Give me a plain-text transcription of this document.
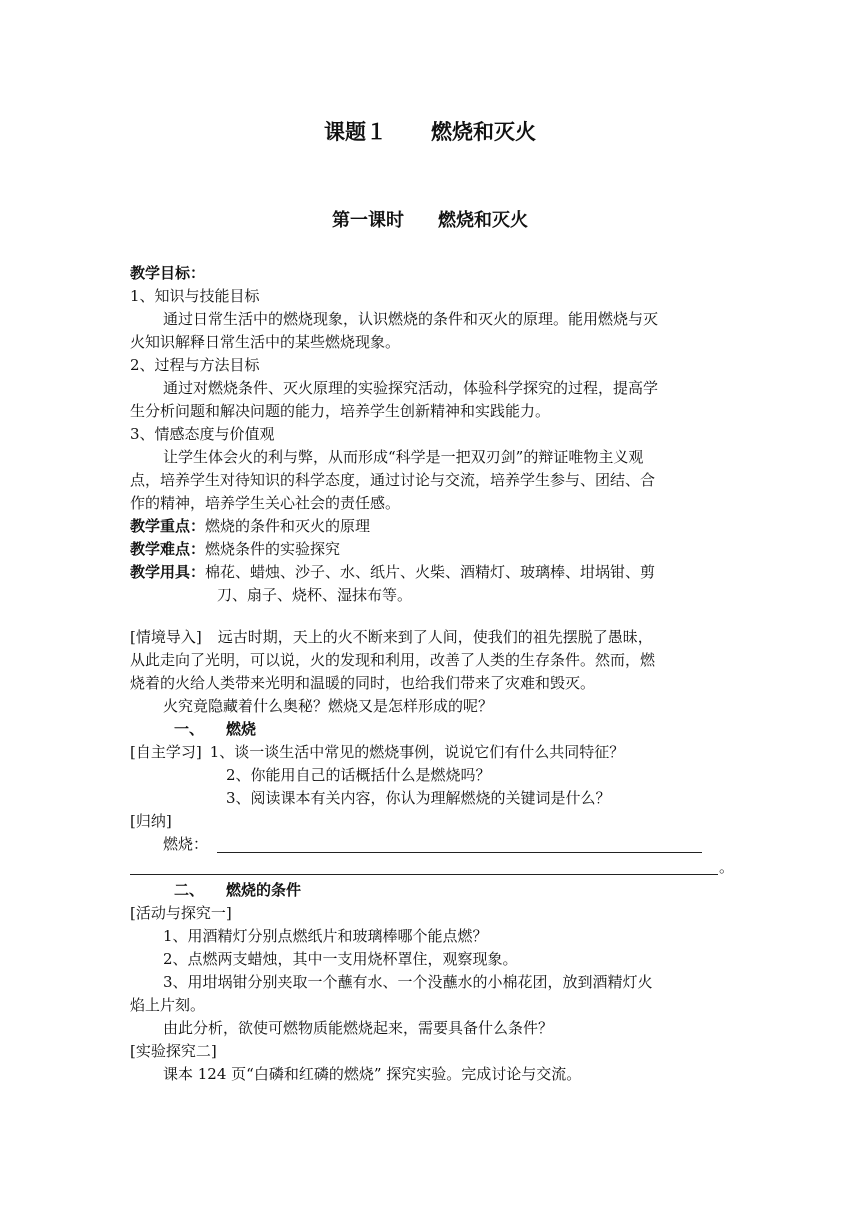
课题１ 燃烧和灭火
第一课时 燃烧和灭火
教学目标：
1、知识与技能目标
通过日常生活中的燃烧现象，认识燃烧的条件和灭火的原理。能用燃烧与灭
火知识解释日常生活中的某些燃烧现象。
2、过程与方法目标
通过对燃烧条件、灭火原理的实验探究活动，体验科学探究的过程，提高学
生分析问题和解决问题的能力，培养学生创新精神和实践能力。
3、情感态度与价值观
让学生体会火的利与弊，从而形成“科学是一把双刃剑”的辩证唯物主义观
点，培养学生对待知识的科学态度，通过讨论与交流，培养学生参与、团结、合
作的精神，培养学生关心社会的责任感。
教学重点：燃烧的条件和灭火的原理
教学难点：燃烧条件的实验探究
教学用具：棉花、蜡烛、沙子、水、纸片、火柴、酒精灯、玻璃棒、坩埚钳、剪
刀、扇子、烧杯、湿抹布等。
[情境导入] 远古时期，天上的火不断来到了人间，使我们的祖先摆脱了愚昧，
从此走向了光明，可以说，火的发现和利用，改善了人类的生存条件。然而，燃
烧着的火给人类带来光明和温暖的同时，也给我们带来了灾难和毁灭。
火究竟隐藏着什么奥秘？燃烧又是怎样形成的呢？
一、 燃烧
[自主学习] 1、谈一谈生活中常见的燃烧事例，说说它们有什么共同特征？
2、你能用自己的话概括什么是燃烧吗？
3、阅读课本有关内容，你认为理解燃烧的关键词是什么？
[归纳]
燃烧：
。
二、 燃烧的条件
[活动与探究一]
1、用酒精灯分别点燃纸片和玻璃棒哪个能点燃？
2、点燃两支蜡烛，其中一支用烧杯罩住，观察现象。
3、用坩埚钳分别夹取一个蘸有水、一个没蘸水的小棉花团，放到酒精灯火
焰上片刻。
由此分析，欲使可燃物质能燃烧起来，需要具备什么条件？
[实验探究二]
课本 124 页“白磷和红磷的燃烧” 探究实验。完成讨论与交流。
